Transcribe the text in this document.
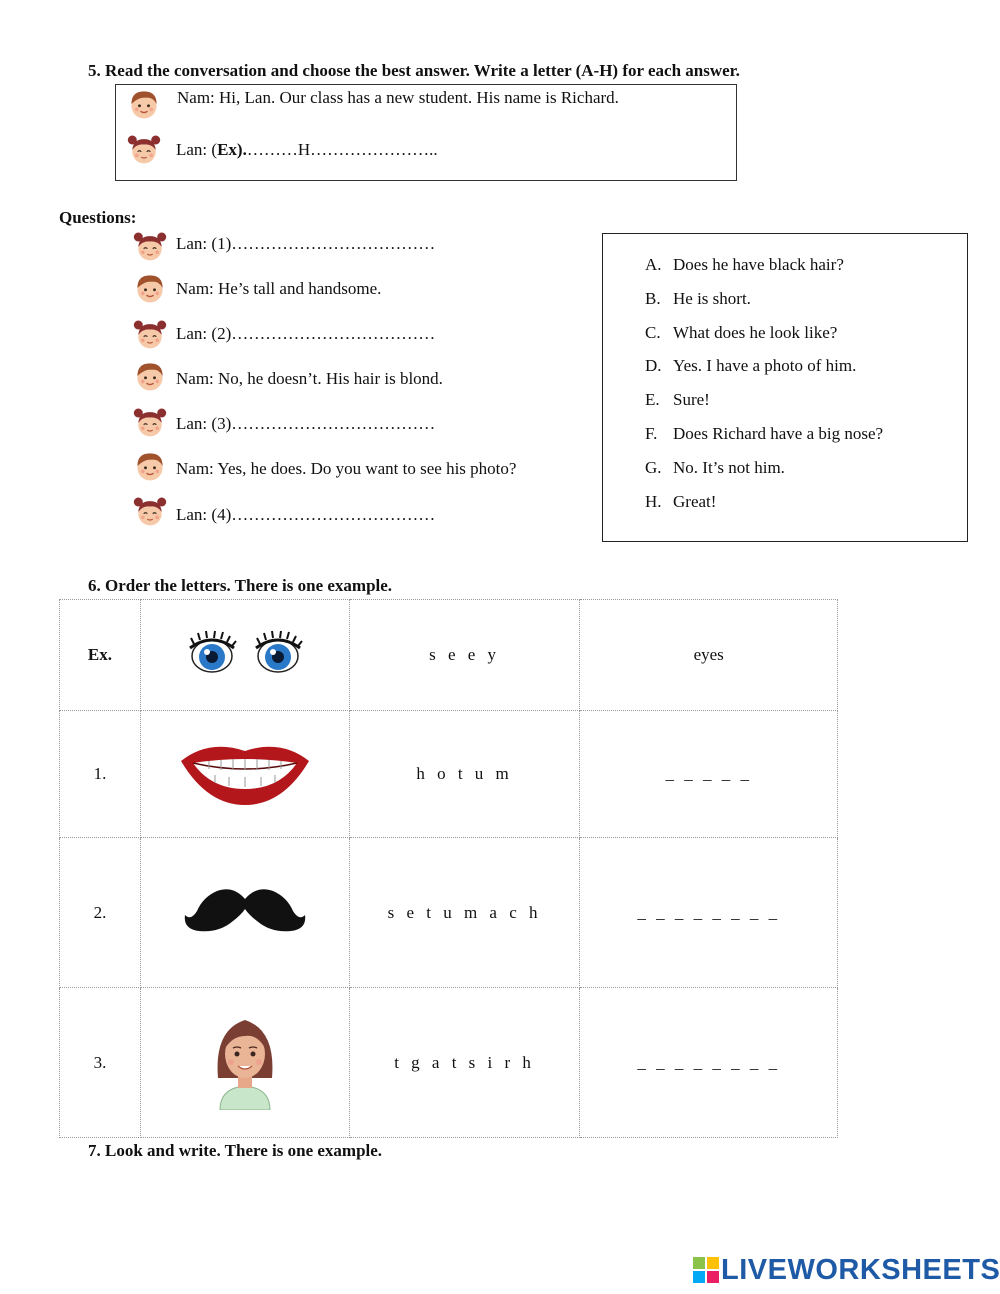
5. Read the conversation and choose the best answer. Write a letter (A-H) for each answer.
Nam: Hi, Lan. Our class has a new student. His name is Richard.
Lan: (Ex).………H…………………..
Questions:
Lan: (1)………………………………
Nam: He’s tall and handsome.
Lan: (2)………………………………
Nam: No, he doesn’t. His hair is blond.
Lan: (3)………………………………
Nam: Yes, he does. Do you want to see his photo?
Lan: (4)………………………………
A. Does he have black hair?
B. He is short.
C. What does he look like?
D. Yes. I have a photo of him.
E. Sure!
F. Does Richard have a big nose?
G. No. It’s not him.
H. Great!
6. Order the letters. There is one example.
Ex.		s e e y	eyes
1.		h o t u m	_ _ _ _ _
2.		s e t u m a c h	_ _ _ _ _ _ _ _
3.		t g a t s i r h	_ _ _ _ _ _ _ _
7. Look and write. There is one example.
LIVEWORKSHEETS
